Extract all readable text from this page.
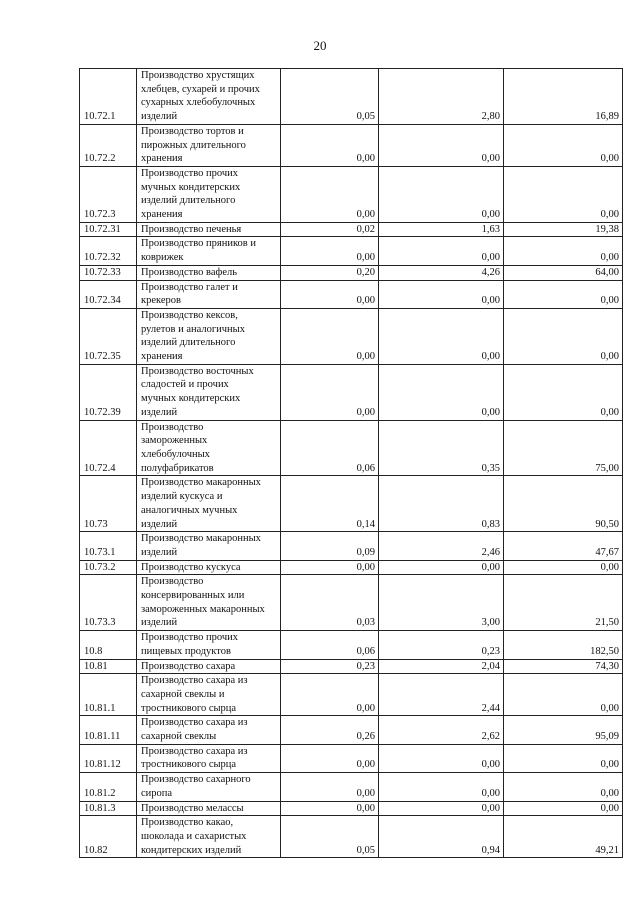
20
10.72.1	Производство хрустящих
хлебцев, сухарей и прочих
сухарных хлебобулочных
изделий	0,05	2,80	16,89
10.72.2	Производство тортов и
пирожных длительного
хранения	0,00	0,00	0,00
10.72.3	Производство прочих
мучных кондитерских
изделий длительного
хранения	0,00	0,00	0,00
10.72.31	Производство печенья	0,02	1,63	19,38
10.72.32	Производство пряников и
коврижек	0,00	0,00	0,00
10.72.33	Производство вафель	0,20	4,26	64,00
10.72.34	Производство галет и
крекеров	0,00	0,00	0,00
10.72.35	Производство кексов,
рулетов и аналогичных
изделий длительного
хранения	0,00	0,00	0,00
10.72.39	Производство восточных
сладостей и прочих
мучных кондитерских
изделий	0,00	0,00	0,00
10.72.4	Производство
замороженных
хлебобулочных
полуфабрикатов	0,06	0,35	75,00
10.73	Производство макаронных
изделий кускуса и
аналогичных мучных
изделий	0,14	0,83	90,50
10.73.1	Производство макаронных
изделий	0,09	2,46	47,67
10.73.2	Производство кускуса	0,00	0,00	0,00
10.73.3	Производство
консервированных или
замороженных макаронных
изделий	0,03	3,00	21,50
10.8	Производство прочих
пищевых продуктов	0,06	0,23	182,50
10.81	Производство сахара	0,23	2,04	74,30
10.81.1	Производство сахара из
сахарной свеклы и
тростникового сырца	0,00	2,44	0,00
10.81.11	Производство сахара из
сахарной свеклы	0,26	2,62	95,09
10.81.12	Производство сахара из
тростникового сырца	0,00	0,00	0,00
10.81.2	Производство сахарного
сиропа	0,00	0,00	0,00
10.81.3	Производство мелассы	0,00	0,00	0,00
10.82	Производство какао,
шоколада и сахаристых
кондитерских изделий	0,05	0,94	49,21
